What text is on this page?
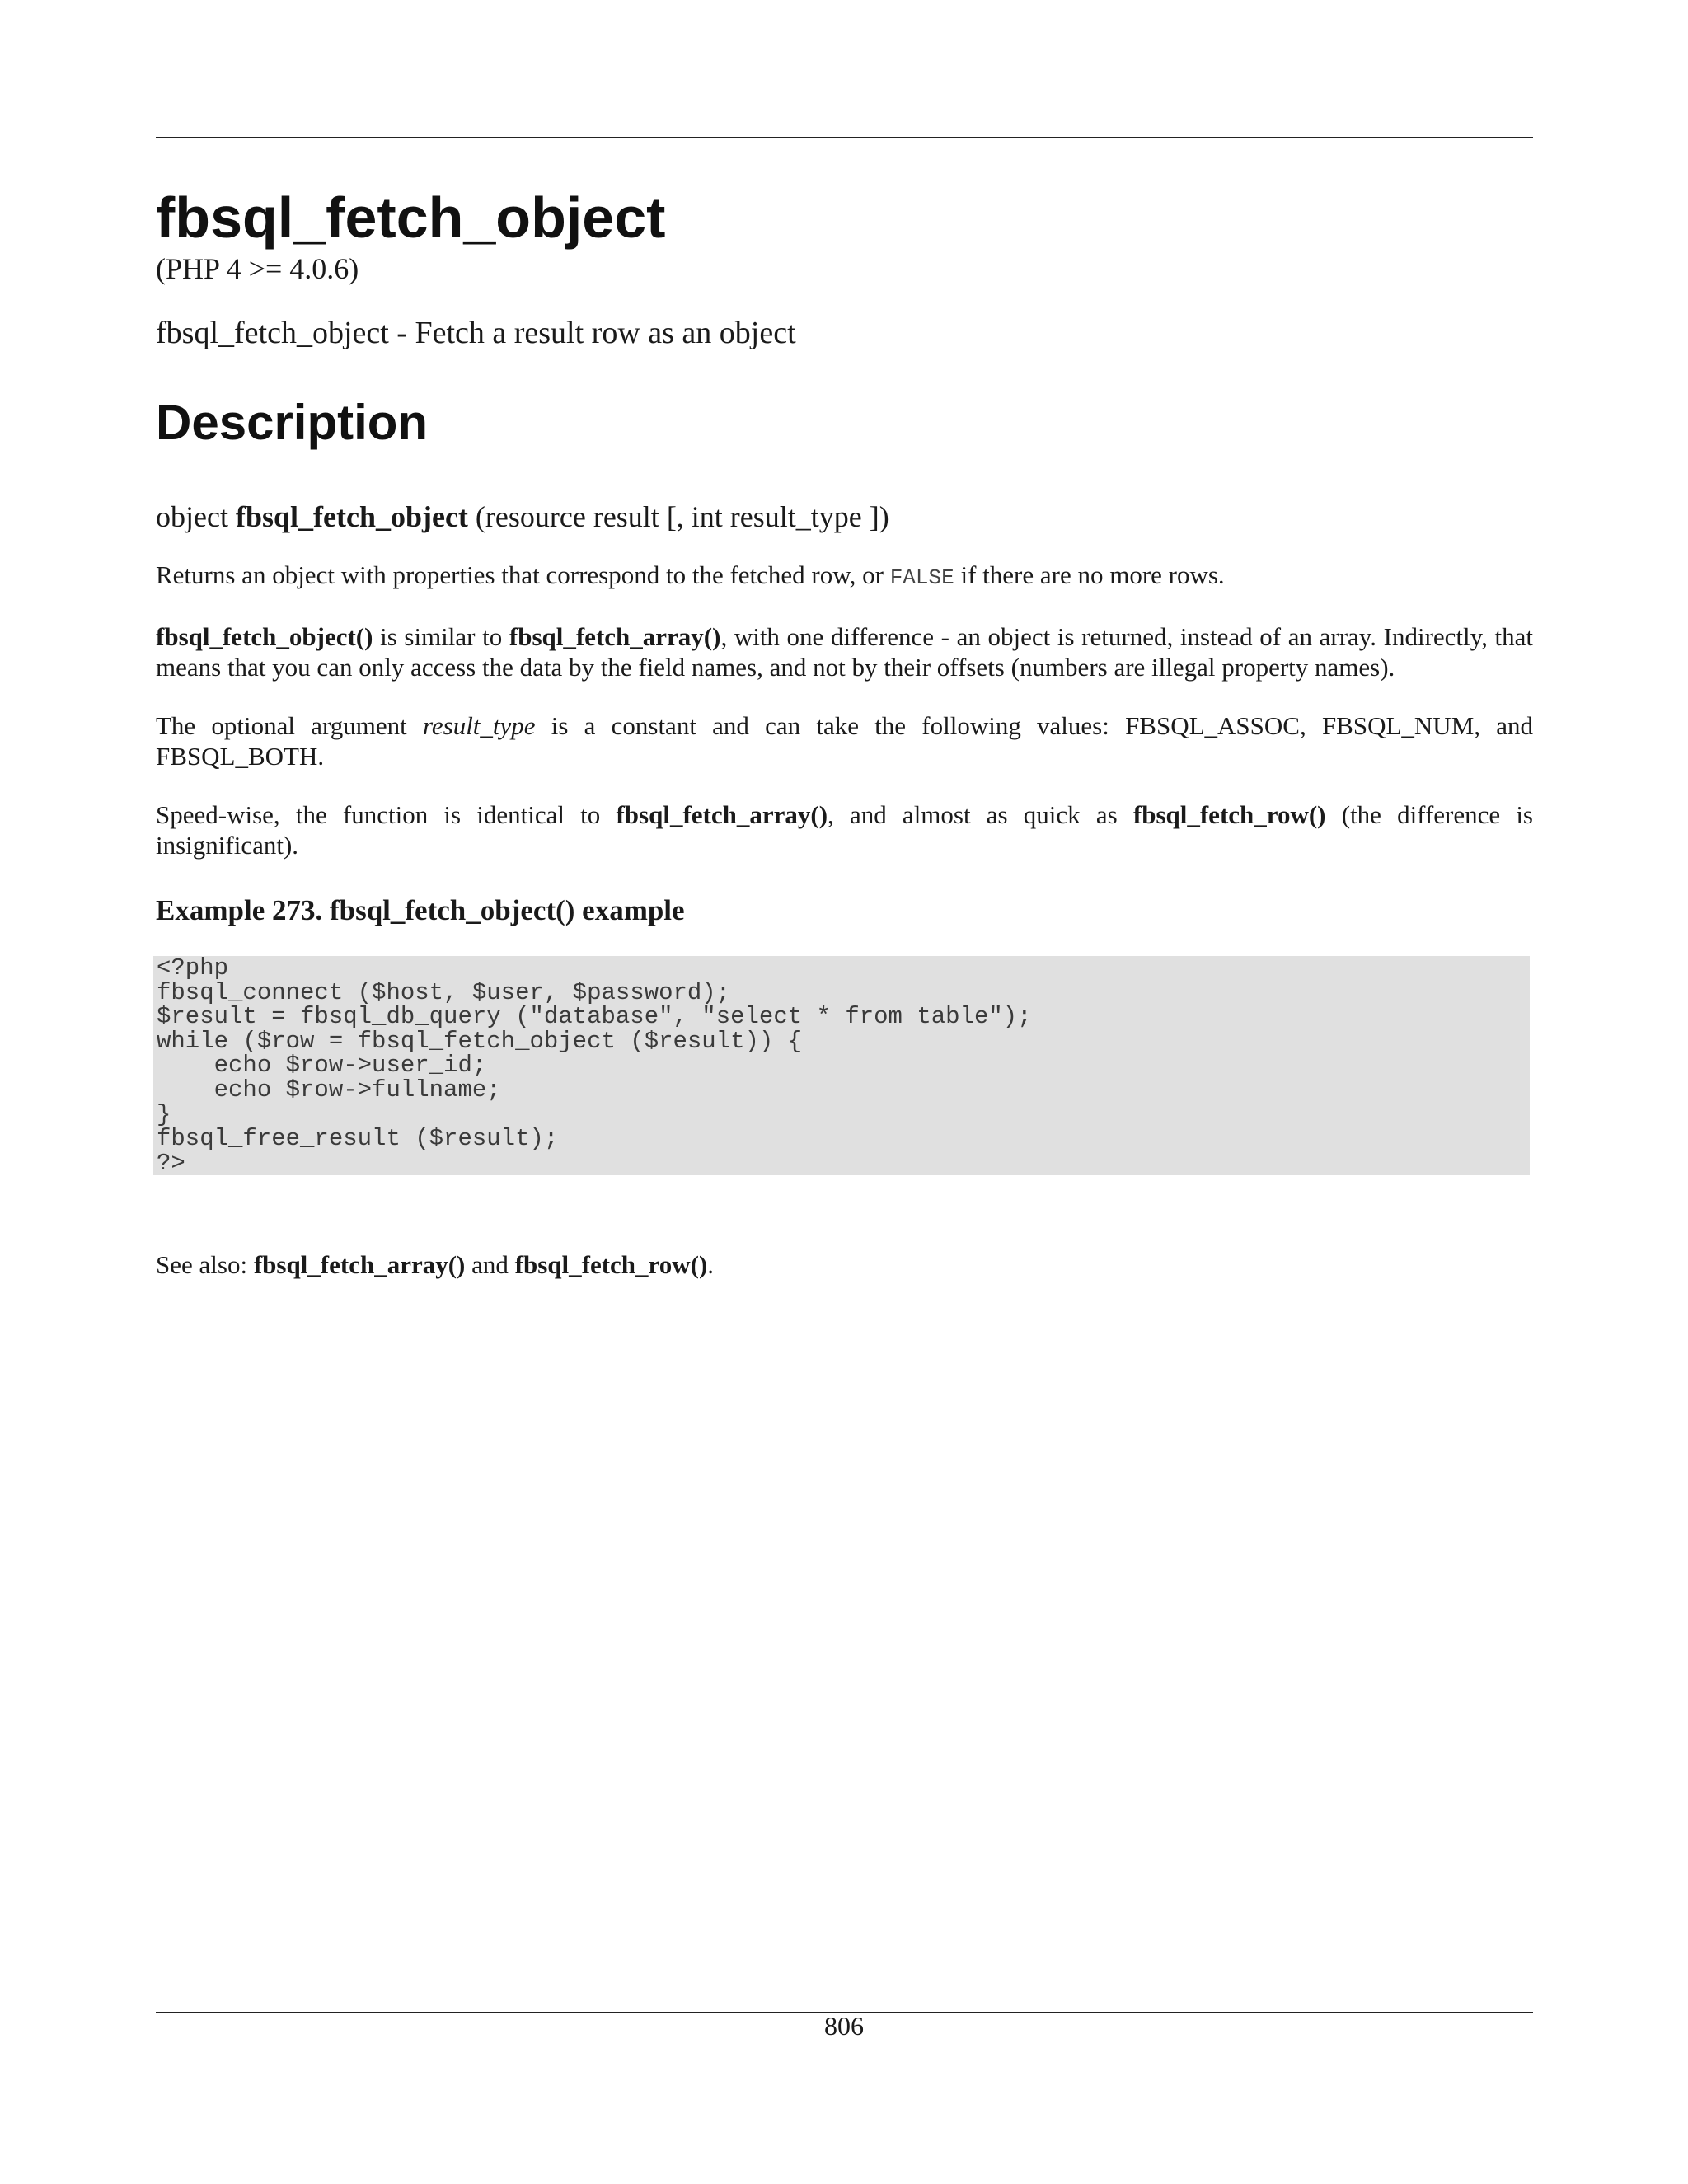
fbsql_fetch_object
(PHP 4 >= 4.0.6)
fbsql_fetch_object - Fetch a result row as an object
Description
object fbsql_fetch_object (resource result [, int result_type ])

Returns an object with properties that correspond to the fetched row, or FALSE if there are no more rows.

fbsql_fetch_object() is similar to fbsql_fetch_array(), with one difference - an object is returned, instead of an array. Indirectly, that means that you can only access the data by the field names, and not by their offsets (numbers are illegal property names).

The optional argument result_type is a constant and can take the following values: FBSQL_ASSOC, FBSQL_NUM, and FBSQL_BOTH.

Speed-wise, the function is identical to fbsql_fetch_array(), and almost as quick as fbsql_fetch_row() (the difference is insignificant).

Example 273. fbsql_fetch_object() example
<?php
fbsql_connect ($host, $user, $password);
$result = fbsql_db_query ("database", "select * from table");
while ($row = fbsql_fetch_object ($result)) {
echo $row->user_id;
echo $row->fullname;
}
fbsql_free_result ($result);
?>

See also: fbsql_fetch_array() and fbsql_fetch_row().

806
